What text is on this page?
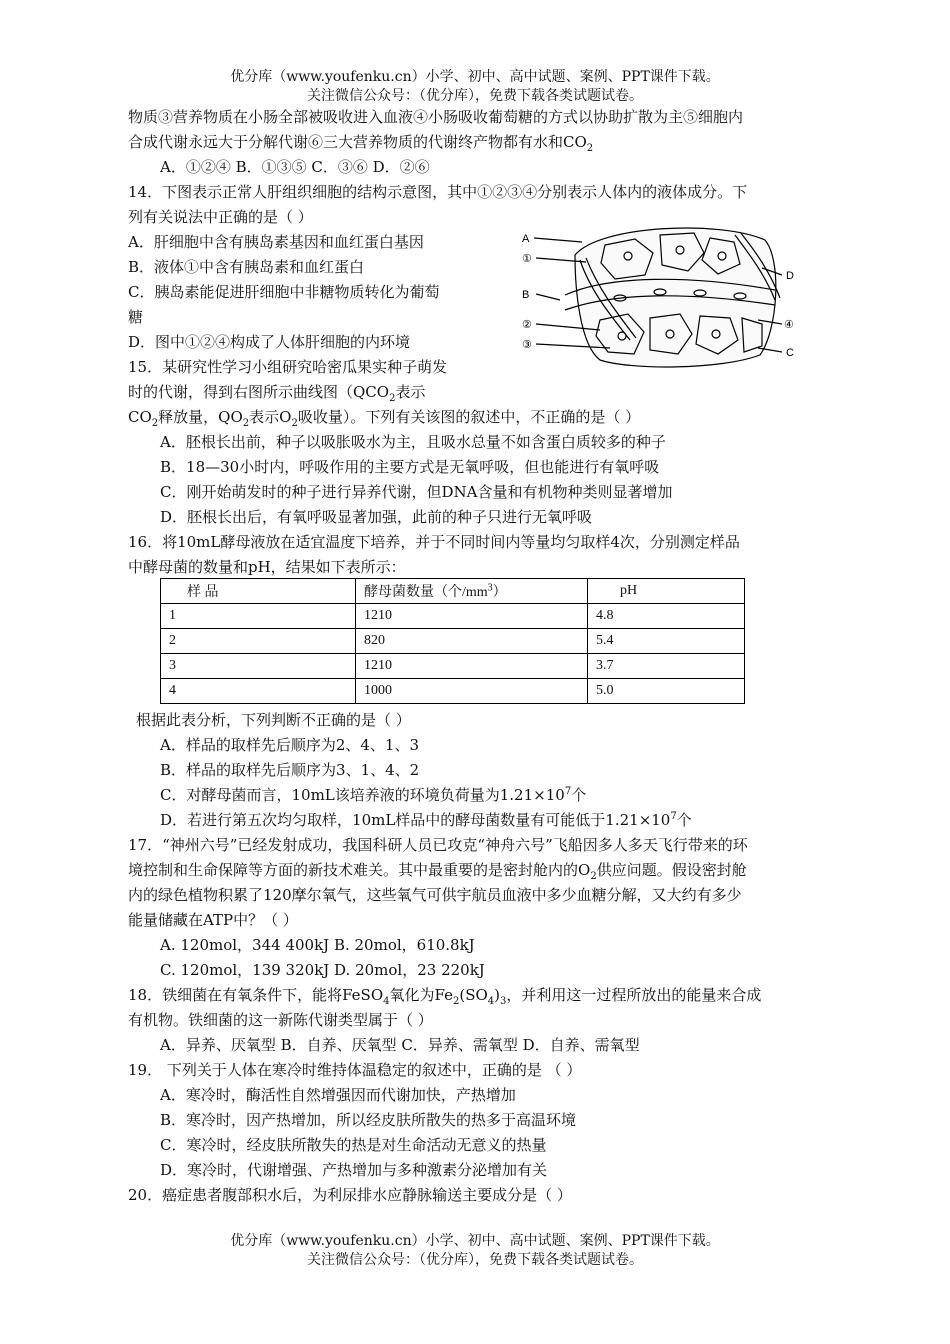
优分库（www.youfenku.cn）小学、初中、高中试题、案例、PPT课件下载。
关注微信公众号：（优分库），免费下载各类试题试卷。
物质③营养物质在小肠全部被吸收进入血液④小肠吸收葡萄糖的方式以协助扩散为主⑤细胞内
合成代谢永远大于分解代谢⑥三大营养物质的代谢终产物都有水和$CO_2$
A．①②④ B．①③⑤ C．③⑥ D．②⑥
14．下图表示正常人肝组织细胞的结构示意图，其中①②③④分别表示人体内的液体成分。下
列有关说法中正确的是（ ）
A．肝细胞中含有胰岛素基因和血红蛋白基因
B．液体①中含有胰岛素和血红蛋白
C．胰岛素能促进肝细胞中非糖物质转化为葡萄
糖
D．图中①②④构成了人体肝细胞的内环境
A
①
B
②
③
D
④
C
15．某研究性学习小组研究哈密瓜果实种子萌发
时的代谢，得到右图所示曲线图（$QCO_2$表示
$CO_2$释放量，$QO_2$表示$O_2$吸收量）。下列有关该图的叙述中，不正确的是（ ）
A．胚根长出前，种子以吸胀吸水为主，且吸水总量不如含蛋白质较多的种子
B．18—30小时内，呼吸作用的主要方式是无氧呼吸，但也能进行有氧呼吸
C．刚开始萌发时的种子进行异养代谢，但DNA含量和有机物种类则显著增加
D．胚根长出后，有氧呼吸显著加强，此前的种子只进行无氧呼吸
16．将10mL酵母液放在适宜温度下培养，并于不同时间内等量均匀取样4次，分别测定样品
中酵母菌的数量和pH，结果如下表所示：
样 品	酵母菌数量（个$/mm^3$）	pH
1	1210	4.8
2	820	5.4
3	1210	3.7
4	1000	5.0
根据此表分析，下列判断不正确的是（ ）
A．样品的取样先后顺序为2、4、1、3
B．样品的取样先后顺序为3、1、4、2
C．对酵母菌而言，10mL该培养液的环境负荷量为$1.21\times 10^7$个
D．若进行第五次均匀取样，10mL样品中的酵母菌数量有可能低于$1.21\times 10^7$个
17．“神州六号”已经发射成功，我国科研人员已攻克“神舟六号”飞船因多人多天飞行带来的环
境控制和生命保障等方面的新技术难关。其中最重要的是密封舱内的$O_2$供应问题。假设密封舱
内的绿色植物积累了120摩尔氧气，这些氧气可供宇航员血液中多少血糖分解，又大约有多少
能量储藏在ATP中？（ ）
A. 120mol，344 400kJ B. 20mol，610.8kJ
C. 120mol，139 320kJ D. 20mol，23 220kJ
18．铁细菌在有氧条件下，能将FeSO$_4$氧化为$Fe_2(SO_4)_3$，并利用这一过程所放出的能量来合成
有机物。铁细菌的这一新陈代谢类型属于（ ）
A．异养、厌氧型 B．自养、厌氧型 C．异养、需氧型 D．自养、需氧型
19． 下列关于人体在寒冷时维持体温稳定的叙述中，正确的是 （ ）
A．寒冷时，酶活性自然增强因而代谢加快，产热增加
B．寒冷时，因产热增加，所以经皮肤所散失的热多于高温环境
C．寒冷时，经皮肤所散失的热是对生命活动无意义的热量
D．寒冷时，代谢增强、产热增加与多种激素分泌增加有关
20．癌症患者腹部积水后，为利尿排水应静脉输送主要成分是（ ）
优分库（www.youfenku.cn）小学、初中、高中试题、案例、PPT课件下载。
关注微信公众号：（优分库），免费下载各类试题试卷。
